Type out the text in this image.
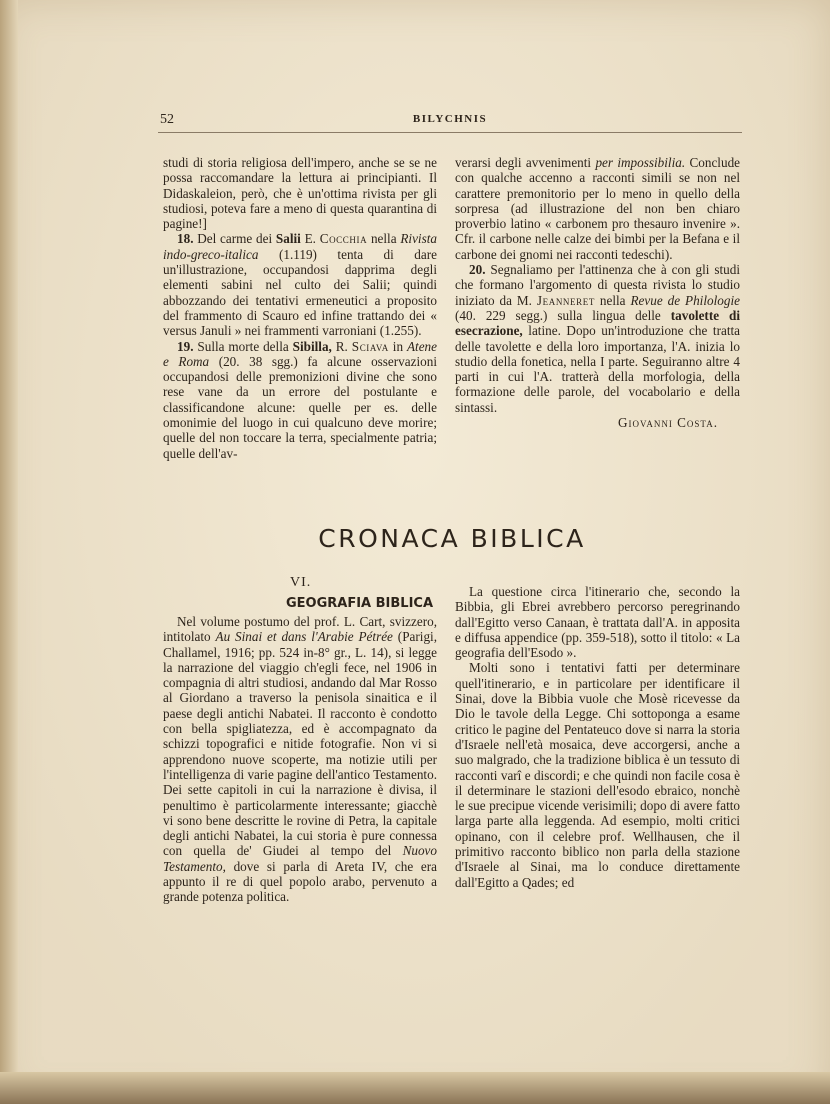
52	BILYCHNIS

studi di storia religiosa dell'impero, anche se se ne possa raccomandare la lettura ai principianti. Il Didaskaleion, però, che è un'ottima rivista per gli studiosi, poteva fare a meno di questa quarantina di pagine!]

18. Del carme dei Salii E. Cocchia nella Rivista indo-greco-italica (1.119) tenta di dare un'illustrazione, occupandosi dapprima degli elementi sabini nel culto dei Salii; quindi abbozzando dei tentativi ermeneutici a proposito del frammento di Scauro ed infine trattando dei « versus Januli » nei frammenti varroniani (1.255).

19. Sulla morte della Sibilla, R. Sciava in Atene e Roma (20. 38 sgg.) fa alcune osservazioni occupandosi delle premonizioni divine che sono rese vane da un errore del postulante e classificandone alcune: quelle per es. delle omonimie del luogo in cui qualcuno deve morire; quelle del non toccare la terra, specialmente patria; quelle dell'av-

verarsi degli avvenimenti per impossibilia. Conclude con qualche accenno a racconti simili se non nel carattere premonitorio per lo meno in quello della sorpresa (ad illustrazione del non ben chiaro proverbio latino « carbonem pro thesauro invenire ». Cfr. il carbone nelle calze dei bimbi per la Befana e il carbone dei gnomi nei racconti tedeschi).

20. Segnaliamo per l'attinenza che à con gli studi che formano l'argomento di questa rivista lo studio iniziato da M. Jeanneret nella Revue de Philologie (40. 229 segg.) sulla lingua delle tavolette di esecrazione, latine. Dopo un'introduzione che tratta delle tavolette e della loro importanza, l'A. inizia lo studio della fonetica, nella I parte. Seguiranno altre 4 parti in cui l'A. tratterà della morfologia, della formazione delle parole, del vocabolario e della sintassi.

Giovanni Costa.
CRONACA BIBLICA
VI.
GEOGRAFIA BIBLICA

Nel volume postumo del prof. L. Cart, svizzero, intitolato Au Sinai et dans l'Arabie Pétrée (Parigi, Challamel, 1916; pp. 524 in-8° gr., L. 14), si legge la narrazione del viaggio ch'egli fece, nel 1906 in compagnia di altri studiosi, andando dal Mar Rosso al Giordano a traverso la penisola sinaitica e il paese degli antichi Nabatei. Il racconto è condotto con bella spigliatezza, ed è accompagnato da schizzi topografici e nitide fotografie. Non vi si apprendono nuove scoperte, ma notizie utili per l'intelligenza di varie pagine dell'antico Testamento. Dei sette capitoli in cui la narrazione è divisa, il penultimo è particolarmente interessante; giacchè vi sono bene descritte le rovine di Petra, la capitale degli antichi Nabatei, la cui storia è pure connessa con quella de' Giudei al tempo del Nuovo Testamento, dove si parla di Areta IV, che era appunto il re di quel popolo arabo, pervenuto a grande potenza politica.

La questione circa l'itinerario che, secondo la Bibbia, gli Ebrei avrebbero percorso peregrinando dall'Egitto verso Canaan, è trattata dall'A. in apposita e diffusa appendice (pp. 359-518), sotto il titolo: « La geografia dell'Esodo ».

Molti sono i tentativi fatti per determinare quell'itinerario, e in particolare per identificare il Sinai, dove la Bibbia vuole che Mosè ricevesse da Dio le tavole della Legge. Chi sottoponga a esame critico le pagine del Pentateuco dove si narra la storia d'Israele nell'età mosaica, deve accorgersi, anche a suo malgrado, che la tradizione biblica è un tessuto di racconti varî e discordi; e che quindi non facile cosa è il determinare le stazioni dell'esodo ebraico, nonchè le sue precipue vicende verisimili; dopo di avere fatto larga parte alla leggenda. Ad esempio, molti critici opinano, con il celebre prof. Wellhausen, che il primitivo racconto biblico non parla della stazione d'Israele al Sinai, ma lo conduce direttamente dall'Egitto a Qades; ed
